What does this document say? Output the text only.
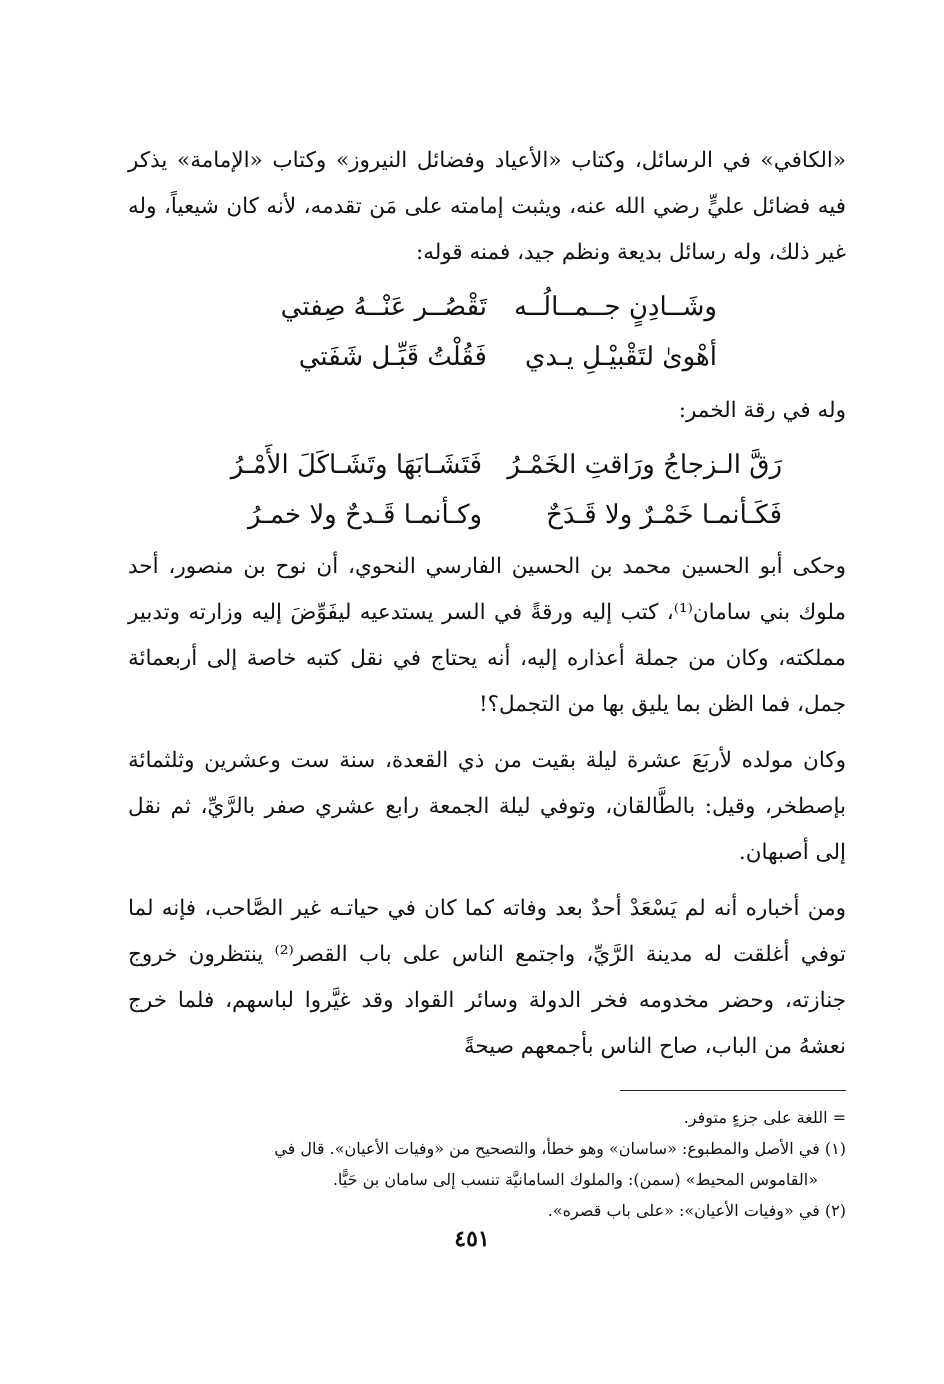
«الكافي» في الرسائل، وكتاب «الأعياد وفضائل النيروز» وكتاب «الإمامة» يذكر فيه فضائل عليٍّ رضي الله عنه، ويثبت إمامته على مَن تقدمه، لأنه كان شيعياً، وله غير ذلك، وله رسائل بديعة ونظم جيد، فمنه قوله:

وشَــادِنٍ جــمــالُــه
تَقْصُــر عَنْــهُ صِفتي
أهْوىٰ لتَقْبيْـلِ يـدي
فَقُلْتُ قَبِّـل شَفَتي

وله في رقة الخمر:

رَقَّ الـزجاجُ ورَاقتِ الخَمْـرُ
فَتَشَـابَهَا وتَشَـاكَلَ الأَمْـرُ
فَكَـأنمـا خَمْـرٌ ولا قَـدَحٌ
وكـأنمـا قَـدحٌ ولا خمـرُ

وحكى أبو الحسين محمد بن الحسين الفارسي النحوي، أن نوح بن منصور، أحد ملوك بني سامان⁽¹⁾، كتب إليه ورقةً في السر يستدعيه ليفَوِّضَ إليه وزارته وتدبير مملكته، وكان من جملة أعذاره إليه، أنه يحتاج في نقل كتبه خاصة إلى أربعمائة جمل، فما الظن بما يليق بها من التجمل؟!

وكان مولده لأربَعَ عشرة ليلة بقيت من ذي القعدة، سنة ست وعشرين وثلثمائة بإصطخر، وقيل: بالطَّالقان، وتوفي ليلة الجمعة رابع عشري صفر بالرَّيِّ، ثم نقل إلى أصبهان.

ومن أخباره أنه لم يَسْعَدْ أحدٌ بعد وفاته كما كان في حياتـه غير الصَّاحب، فإنه لما توفي أغلقت له مدينة الرَّيِّ، واجتمع الناس على باب القصر⁽²⁾ ينتظرون خروج جنازته، وحضر مخدومه فخر الدولة وسائر القواد وقد غيَّروا لباسهم، فلما خرج نعشهُ من الباب، صاح الناس بأجمعهم صيحةً

= اللغة على جزءٍ متوفر.

(١) في الأصل والمطبوع: «ساسان» وهو خطأ، والتصحيح من «وفيات الأعيان». قال في

«القاموس المحيط» (سمن): والملوك السامانيَّة تنسب إلى سامان بن حَيًّا.

(٢) في «وفيات الأعيان»: «على باب قصره».

٤٥١
